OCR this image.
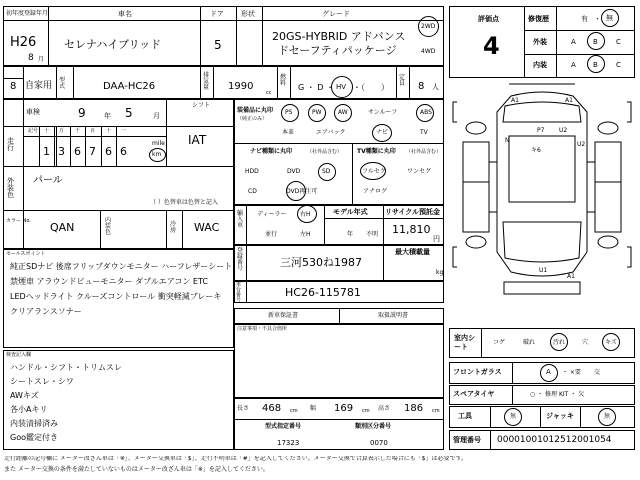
初年度登録年月
H26
8 月
車名
セレナハイブリッド
ドア
5
形状	グレード
20GS-HYBRID アドバンス
ドセーフティパッケージ
2WD
4WD
8 自家用
型式	DAA-HC26
排気量 1990
cc
燃料 G ・ D ・ HV ・（　　）
定員 8 人
車検	9	年 5	月
シフト
IAT
走行
記号 十 万 千 百 十 一
1 3 6 7 6 6
mile
km
外装色
パール
（ ）色替車は色替と記入
カラー No. QAN
内装色
冷房 WAC
装備品に丸印
（純正のみ）
PS	PW	AW	サンルーフ	ABS
本革	エアバック	ナビ	TV
ナビ種類に丸印	（社外品含む）
HDD	DVD	SD
CD	DVD再生可
TV種類に丸印 （社外品含む）
フルセグ	ワンセグ
アナログ
輸入車
ディーラー 右H
並行	左H
モデル年式
年 不明
リサイクル預託金
11,810
円
登録番号	三河530ね1987
最大積載量
kg
車台番号
HC26-115781
新車保証書	取扱説明書
注意事項・不具合箇所
長さ 468 cm 幅 169 cm 高さ 186 cm
型式指定番号
17323
類別区分番号
0070
セールスポイント
純正SDナビ 後席フリップダウンモニター ハーフレザーシート
禁煙車 アラウンドビューモニター ダブルエアコン ETC
LEDヘッドライト クルーズコントロール 衝突軽減ブレーキ
クリアランスソナー
検査記入欄
ハンドル・シフト・トリムスレ
シートスレ・シワ
AWキズ
各小Aキリ
内装清掃済み
Goo鑑定付き
評価点
4
修復歴	有 ・ 無
外装	A B	C
内装	A B	C
A1	A1
P7 U2
N
キ6
U2
A1
U1
室内シート
コゲ	破れ	汚れ	穴	キズ
フロントガラス	A ・ ×要 交
スペアタイヤ	○ ・ 修理 KIT ・ 欠
工具	無	ジャッキ	無
管理番号 0000100101251​2001054
走行距離の記号欄に メーター改ざん車は「※」、メーター交換車は「$」、走行不明車は「#」を記入してください。メーター交換で合算表示した場合にも「$」は必要です。
また メーター交換の条件を満たしていないものはメーター改ざん車は「※」を記入してください。
